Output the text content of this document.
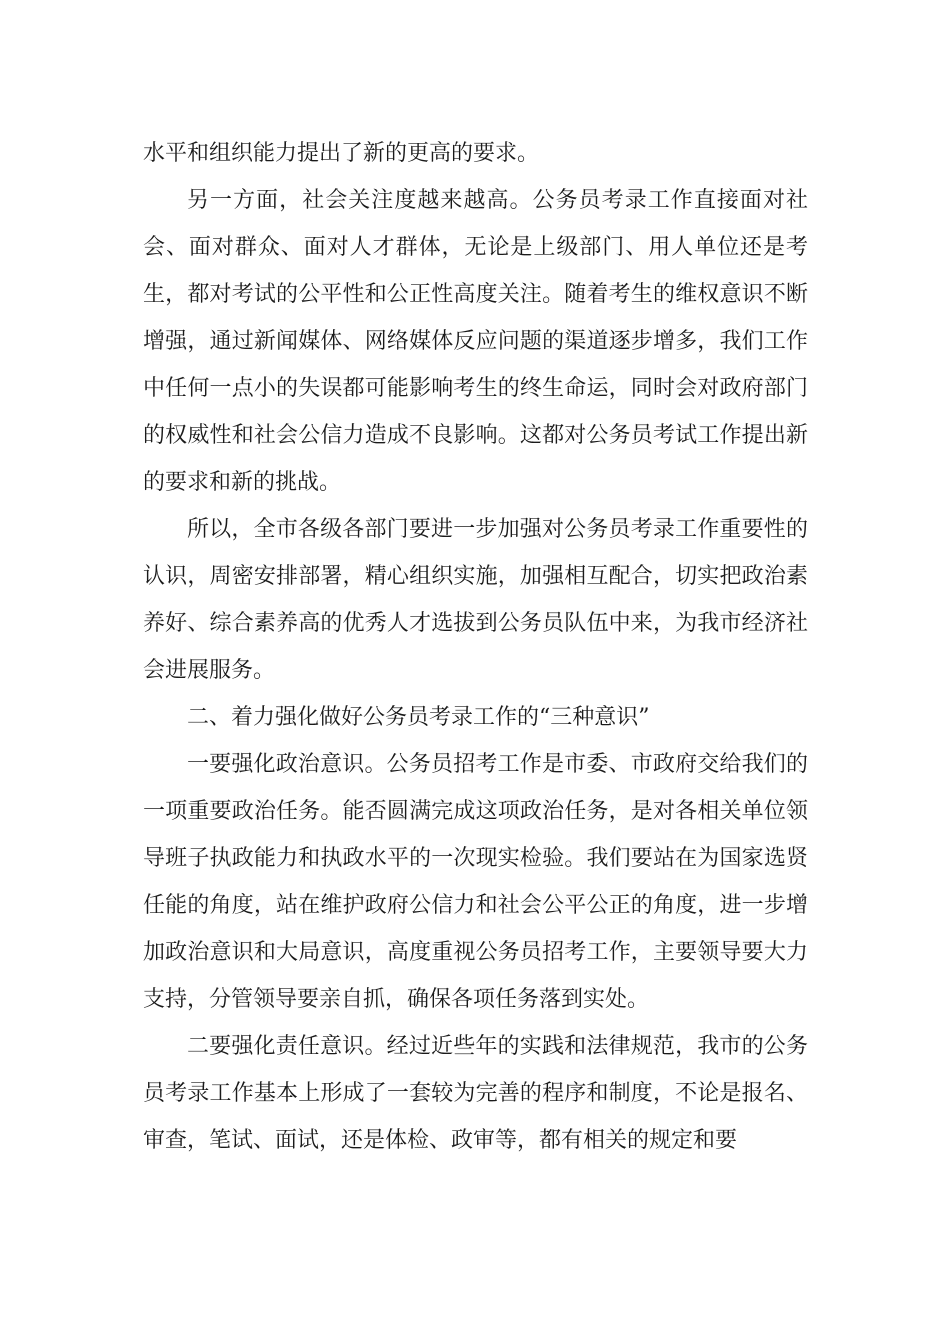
水平和组织能力提出了新的更高的要求。

另一方面，社会关注度越来越高。公务员考录工作直接面对社会、面对群众、面对人才群体，无论是上级部门、用人单位还是考生，都对考试的公平性和公正性高度关注。随着考生的维权意识不断增强，通过新闻媒体、网络媒体反应问题的渠道逐步增多，我们工作中任何一点小的失误都可能影响考生的终生命运，同时会对政府部门的权威性和社会公信力造成不良影响。这都对公务员考试工作提出新的要求和新的挑战。

所以，全市各级各部门要进一步加强对公务员考录工作重要性的认识，周密安排部署，精心组织实施，加强相互配合，切实把政治素养好、综合素养高的优秀人才选拔到公务员队伍中来，为我市经济社会进展服务。

二、着力强化做好公务员考录工作的“三种意识”

一要强化政治意识。公务员招考工作是市委、市政府交给我们的一项重要政治任务。能否圆满完成这项政治任务，是对各相关单位领导班子执政能力和执政水平的一次现实检验。我们要站在为国家选贤任能的角度，站在维护政府公信力和社会公平公正的角度，进一步增加政治意识和大局意识，高度重视公务员招考工作，主要领导要大力支持，分管领导要亲自抓，确保各项任务落到实处。

二要强化责任意识。经过近些年的实践和法律规范，我市的公务员考录工作基本上形成了一套较为完善的程序和制度，不论是报名、审查，笔试、面试，还是体检、政审等，都有相关的规定和要
